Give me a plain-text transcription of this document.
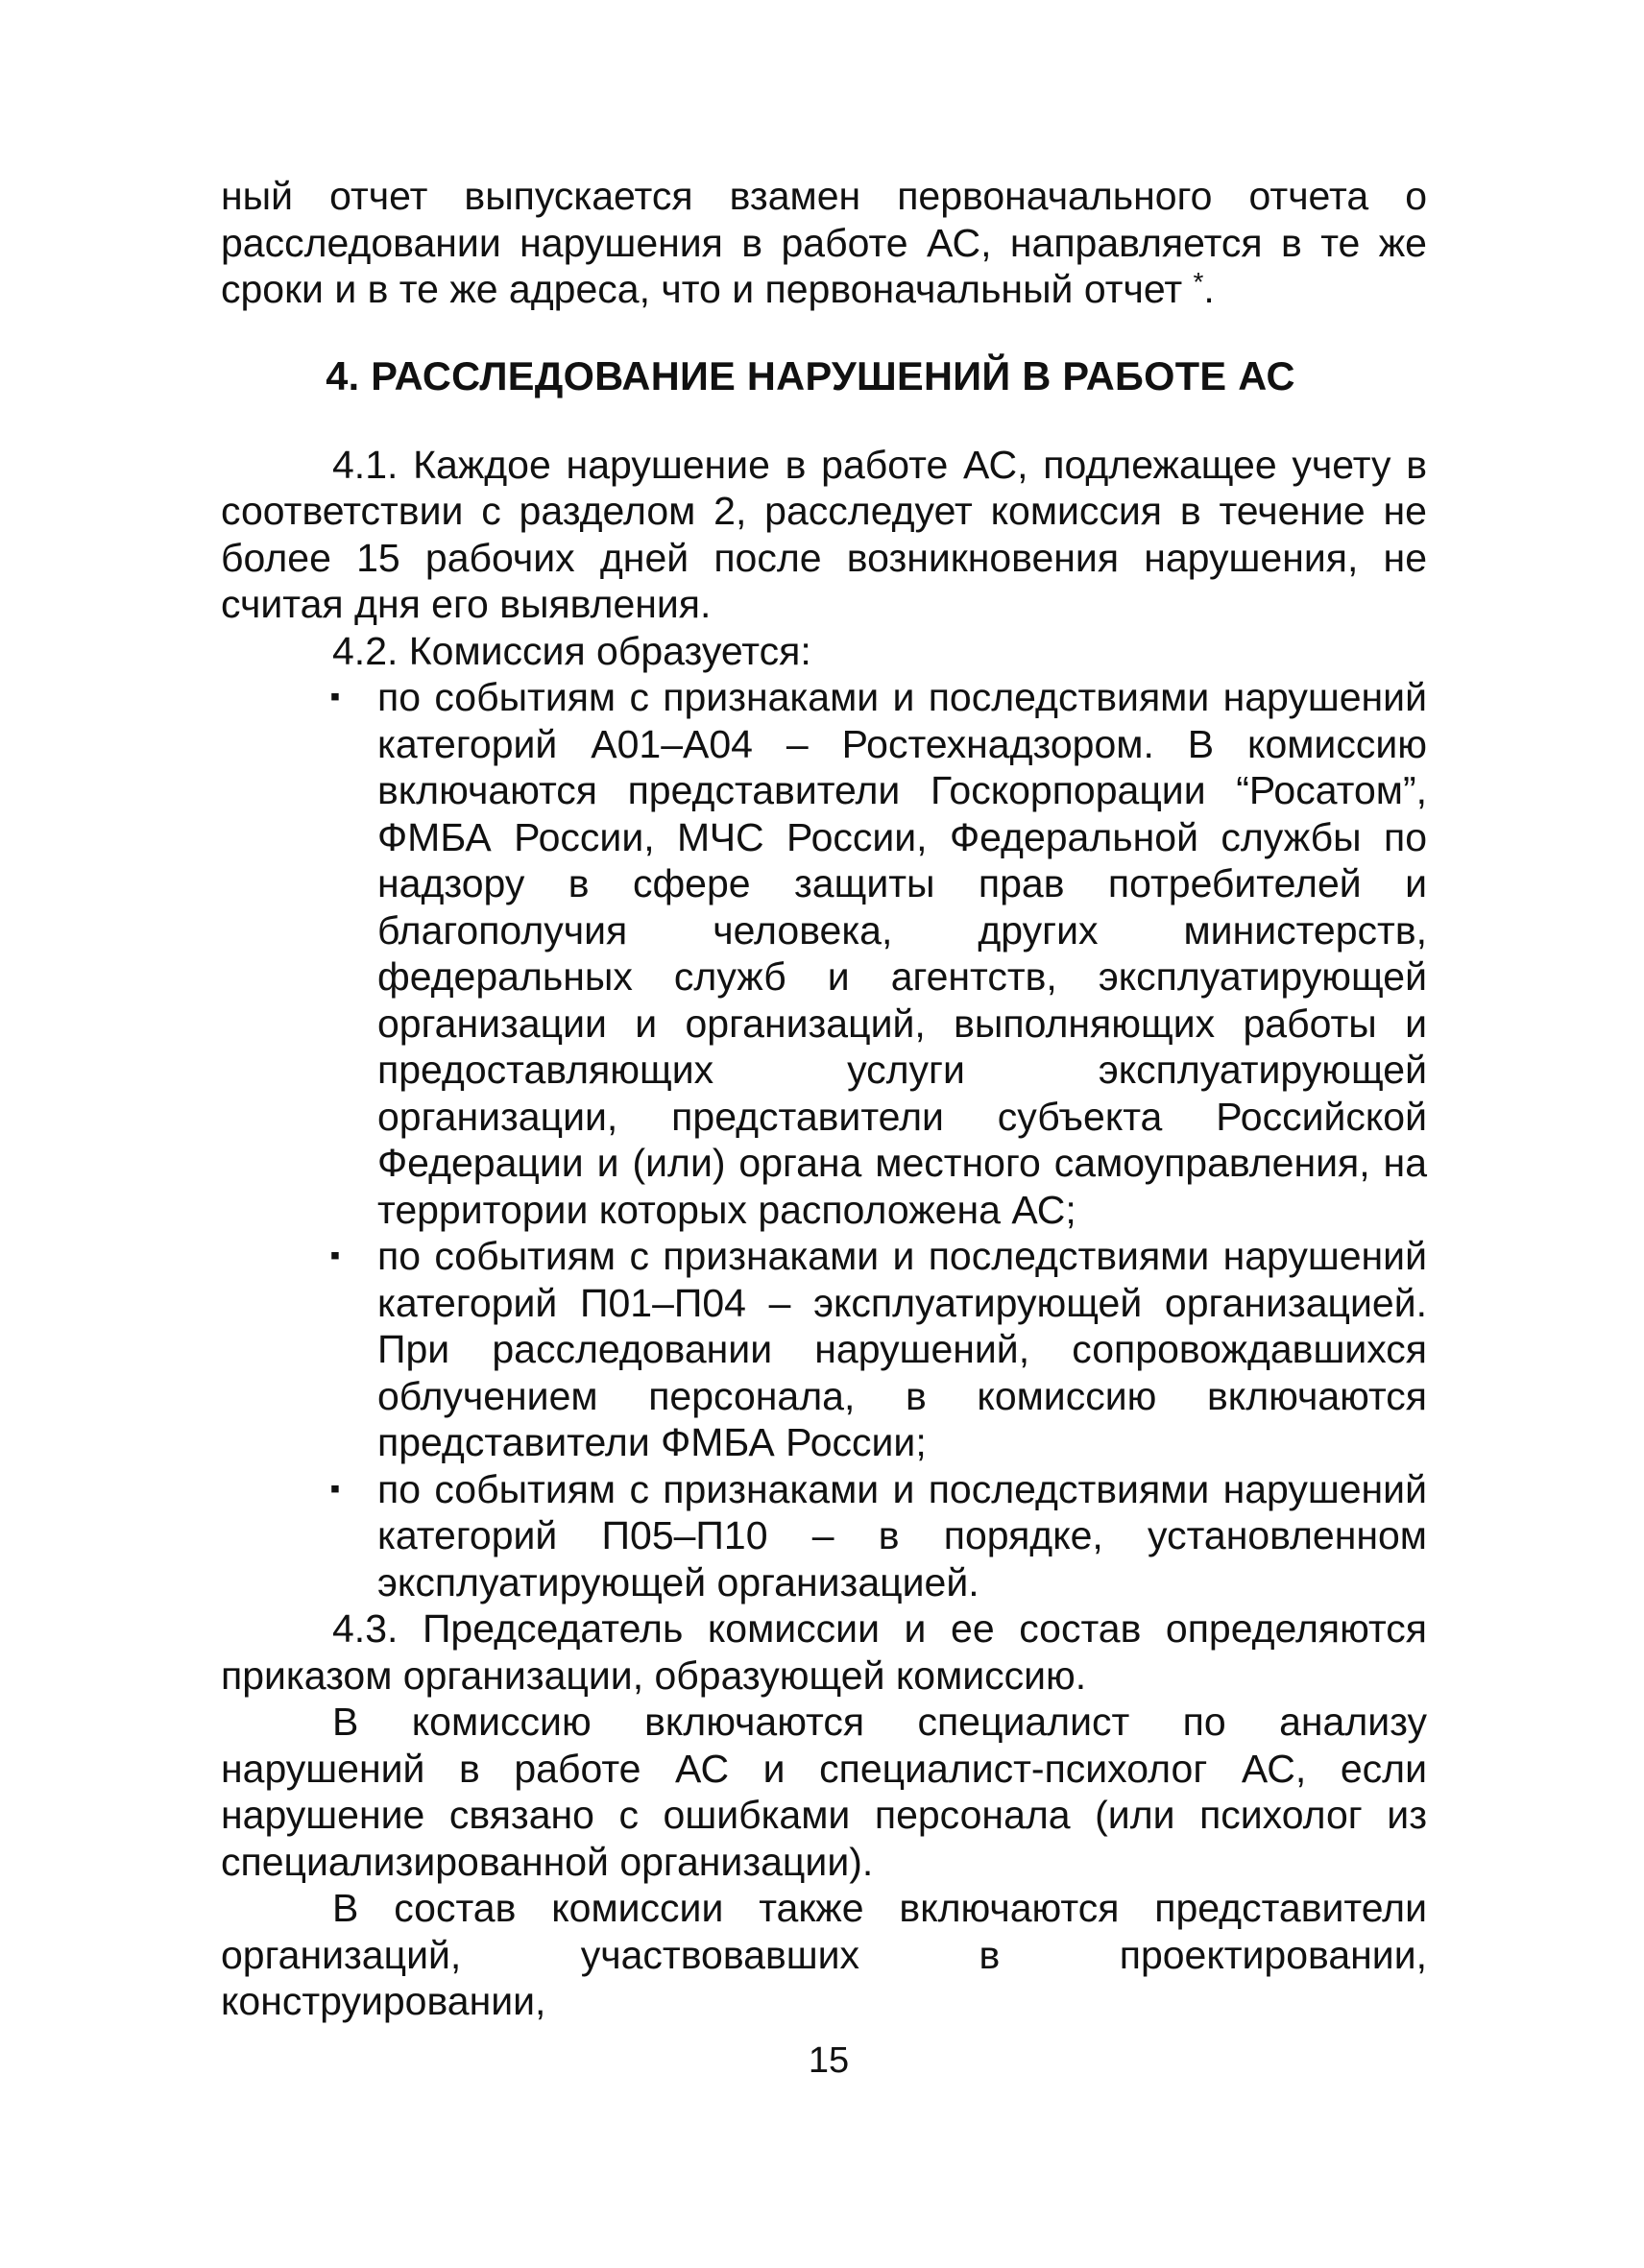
ный отчет выпускается взамен первоначального отчета о расследовании нарушения в работе АС, направляется в те же сроки и в те же адреса, что и первоначальный отчет *.

4. РАССЛЕДОВАНИЕ НАРУШЕНИЙ В РАБОТЕ АС

4.1. Каждое нарушение в работе АС, подлежащее учету в соответствии с разделом 2, расследует комиссия в течение не более 15 рабочих дней после возникновения нарушения, не считая дня его выявления.

4.2. Комиссия образуется:

▪ по событиям с признаками и последствиями нарушений категорий А01–А04 – Ростехнадзором. В комиссию включаются представители Госкорпорации “Росатом”, ФМБА России, МЧС России, Федеральной службы по надзору в сфере защиты прав потребителей и благополучия человека, других министерств, федеральных служб и агентств, эксплуатирующей организации и организаций, выполняющих работы и предоставляющих услуги эксплуатирующей организации, представители субъекта Российской Федерации и (или) органа местного самоуправления, на территории которых расположена АС;
▪ по событиям с признаками и последствиями нарушений категорий П01–П04 – эксплуатирующей организацией. При расследовании нарушений, сопровождавшихся облучением персонала, в комиссию включаются представители ФМБА России;
▪ по событиям с признаками и последствиями нарушений категорий П05–П10 – в порядке, установленном эксплуатирующей организацией.

4.3. Председатель комиссии и ее состав определяются приказом организации, образующей комиссию.

В комиссию включаются специалист по анализу нарушений в работе АС и специалист-психолог АС, если нарушение связано с ошибками персонала (или психолог из специализированной организации).

В состав комиссии также включаются представители организаций, участвовавших в проектировании, конструировании,

15
